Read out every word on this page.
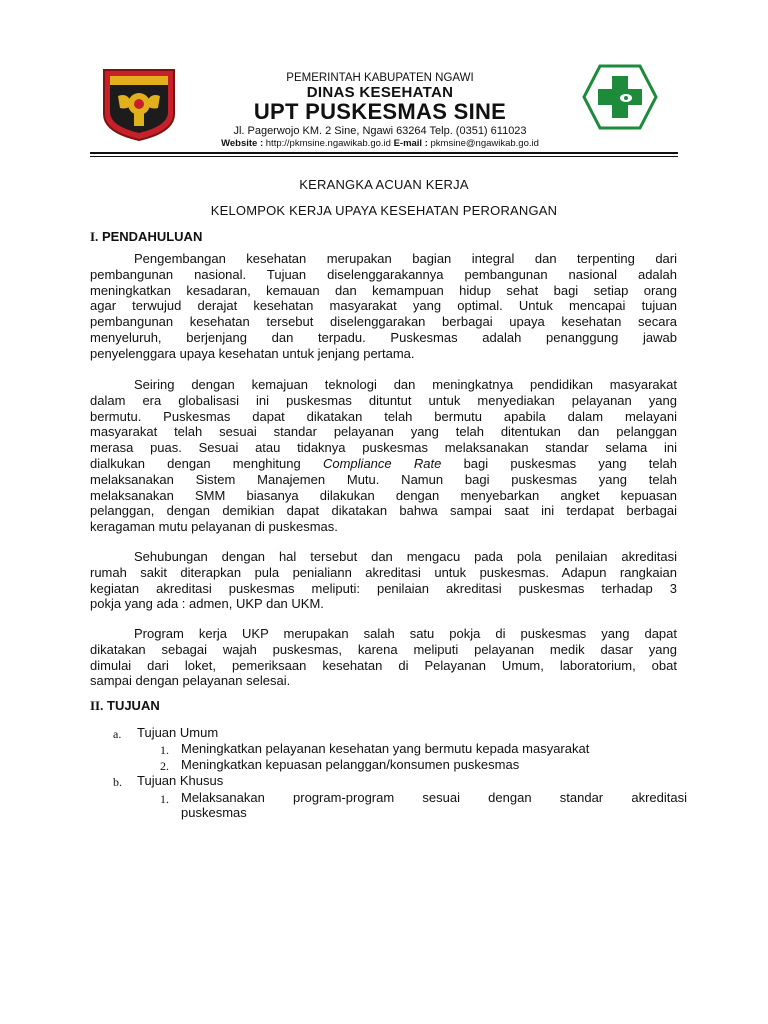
PEMERINTAH KABUPATEN NGAWI
DINAS KESEHATAN
UPT PUSKESMAS SINE
Jl. Pagerwojo KM. 2 Sine, Ngawi 63264 Telp. (0351) 611023
Website : http://pkmsine.ngawikab.go.id E-mail : pkmsine@ngawikab.go.id
KERANGKA ACUAN KERJA
KELOMPOK KERJA UPAYA KESEHATAN PERORANGAN
I. PENDAHULUAN
Pengembangan kesehatan merupakan bagian integral dan terpenting dari
pembangunan nasional. Tujuan diselenggarakannya pembangunan nasional adalah
meningkatkan kesadaran, kemauan dan kemampuan hidup sehat bagi setiap orang
agar terwujud derajat kesehatan masyarakat yang optimal. Untuk mencapai tujuan
pembangunan kesehatan tersebut diselenggarakan berbagai upaya kesehatan secara
menyeluruh, berjenjang dan terpadu. Puskesmas adalah penanggung jawab
penyelenggara upaya kesehatan untuk jenjang pertama.
Seiring dengan kemajuan teknologi dan meningkatnya pendidikan masyarakat
dalam era globalisasi ini puskesmas dituntut untuk menyediakan pelayanan yang
bermutu. Puskesmas dapat dikatakan telah bermutu apabila dalam melayani
masyarakat telah sesuai standar pelayanan yang telah ditentukan dan pelanggan
merasa puas. Sesuai atau tidaknya puskesmas melaksanakan standar selama ini
dialkukan dengan menghitung Compliance Rate bagi puskesmas yang telah
melaksanakan Sistem Manajemen Mutu. Namun bagi puskesmas yang telah
melaksanakan SMM biasanya dilakukan dengan menyebarkan angket kepuasan
pelanggan, dengan demikian dapat dikatakan bahwa sampai saat ini terdapat berbagai
keragaman mutu pelayanan di puskesmas.
Sehubungan dengan hal tersebut dan mengacu pada pola penilaian akreditasi
rumah sakit diterapkan pula penialiann akreditasi untuk puskesmas. Adapun rangkaian
kegiatan akreditasi puskesmas meliputi: penilaian akreditasi puskesmas terhadap 3
pokja yang ada : admen, UKP dan UKM.
Program kerja UKP merupakan salah satu pokja di puskesmas yang dapat
dikatakan sebagai wajah puskesmas, karena meliputi pelayanan medik dasar yang
dimulai dari loket, pemeriksaan kesehatan di Pelayanan Umum, laboratorium, obat
sampai dengan pelayanan selesai.
II. TUJUAN
a. Tujuan Umum
1. Meningkatkan pelayanan kesehatan yang bermutu kepada masyarakat
2. Meningkatkan kepuasan pelanggan/konsumen puskesmas
b. Tujuan Khusus
1. Melaksanakan program-program sesuai dengan standar akreditasi
puskesmas
